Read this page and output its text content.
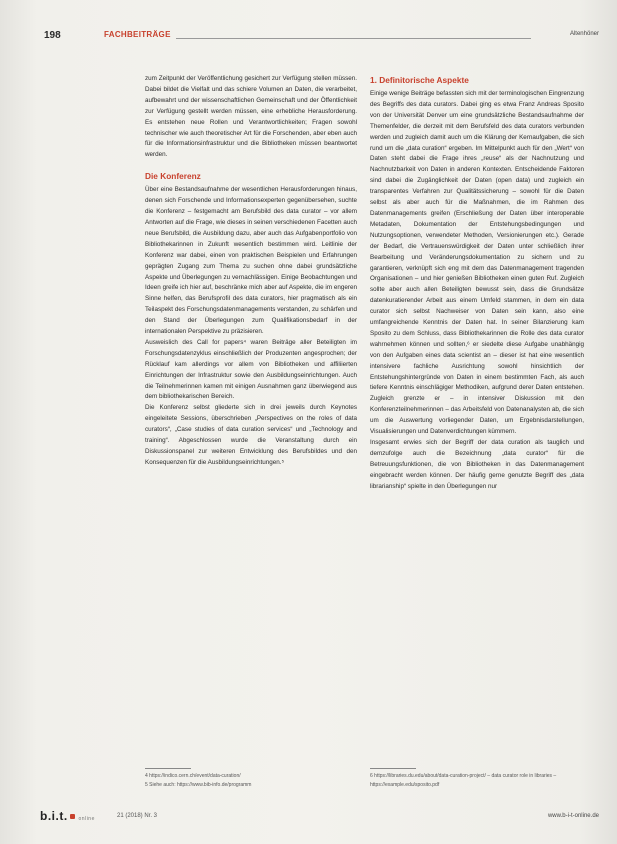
198	FACHBEITRÄGE	Altenhöner

zum Zeitpunkt der Veröffentlichung gesichert zur Verfügung stellen müssen. Dabei bildet die Vielfalt und das schiere Volumen an Daten, die verarbeitet, aufbewahrt und der wissenschaftlichen Gemeinschaft und der Öffentlichkeit zur Verfügung gestellt werden müssen, eine erhebliche Herausforderung. Es entstehen neue Rollen und Verantwortlichkeiten; Fragen sowohl technischer wie auch theoretischer Art für die Forschenden, aber eben auch für die Informationsinfrastruktur und die Bibliotheken müssen beantwortet werden.

Die Konferenz

Über eine Bestandsaufnahme der wesentlichen Herausforderungen hinaus, denen sich Forschende und Informationsexperten gegenübersehen, suchte die Konferenz – festgemacht am Berufsbild des data curator – vor allem Antworten auf die Frage, wie dieses in seinen verschiedenen Facetten auch neue Berufsbild, die Ausbildung dazu, aber auch das Aufgabenportfolio von Bibliothekarinnen in Zukunft wesentlich bestimmen wird. Leitlinie der Konferenz war dabei, einen von praktischen Beispielen und Erfahrungen geprägten Zugang zum Thema zu suchen ohne dabei grundsätzliche Aspekte und Überlegungen zu vernachlässigen. Einige Beobachtungen und Ideen greife ich hier auf, beschränke mich aber auf Aspekte, die im engeren Sinne helfen, das Berufsprofil des data curators, hier pragmatisch als ein Teilaspekt des Forschungsdatenmanagements verstanden, zu schärfen und den Stand der Überlegungen zum Qualifikationsbedarf in der internationalen Perspektive zu präzisieren.

Ausweislich des Call for papers⁴ waren Beiträge aller Beteiligten im Forschungsdatenzyklus einschließlich der Produzenten angesprochen; der Rücklauf kam allerdings vor allem von Bibliotheken und affiliierten Einrichtungen der Infrastruktur sowie den Ausbildungseinrichtungen. Auch die Teilnehmerinnen kamen mit einigen Ausnahmen ganz überwiegend aus dem bibliothekarischen Bereich.

Die Konferenz selbst gliederte sich in drei jeweils durch Keynotes eingeleitete Sessions, überschrieben „Perspectives on the roles of data curators“, „Case studies of data curation services“ und „Technology and training“. Abgeschlossen wurde die Veranstaltung durch ein Diskussionspanel zur weiteren Entwicklung des Berufsbildes und den Konsequenzen für die Ausbildungseinrichtungen.⁵

1. Definitorische Aspekte

Einige wenige Beiträge befassten sich mit der terminologischen Eingrenzung des Begriffs des data curators. Dabei ging es etwa Franz Andreas Sposito von der Universität Denver um eine grundsätzliche Bestandsaufnahme der Themenfelder, die derzeit mit dem Berufsfeld des data curators verbunden werden und zugleich damit auch um die Klärung der Kernaufgaben, die sich rund um die „data curation“ ergeben. Im Mittelpunkt auch für den „Wert“ von Daten steht dabei die Frage ihres „reuse“ als der Nachnutzung und Nachnutzbarkeit von Daten in anderen Kontexten. Entscheidende Faktoren sind dabei die Zugänglichkeit der Daten (open data) und zugleich ein transparentes Verfahren zur Qualitätssicherung – sowohl für die Daten selbst als aber auch für die Maßnahmen, die im Rahmen des Datenmanagements greifen (Erschließung der Daten über interoperable Metadaten, Dokumentation der Entstehungsbedingungen und Nutzungsoptionen, verwendeter Methoden, Versionierungen etc.). Gerade der Bedarf, die Vertrauenswürdigkeit der Daten unter schließlich ihrer Bearbeitung und Veränderungsdokumentation zu sichern und zu garantieren, verknüpft sich eng mit dem das Datenmanagement tragenden Organisationen – und hier genießen Bibliotheken einen guten Ruf. Zugleich sollte aber auch allen Beteiligten bewusst sein, dass die Grundsätze datenkuratierender Arbeit aus einem Umfeld stammen, in dem ein data curator sich selbst Nachweiser von Daten sein kann, also eine umfangreichende Kenntnis der Daten hat. In seiner Bilanzierung kam Sposito zu dem Schluss, dass Bibliothekarinnen die Rolle des data curator wahrnehmen können und sollten,⁶ er siedelte diese Aufgabe unabhängig von den Aufgaben eines data scientist an – dieser ist hat eine wesentlich intensivere fachliche Ausrichtung sowohl hinsichtlich der Entstehungshintergründe von Daten in einem bestimmten Fach, als auch tiefere Kenntnis einschlägiger Methodiken, aufgrund derer Daten entstehen. Zugleich grenzte er – in intensiver Diskussion mit den Konferenzteilnehmerinnen – das Arbeitsfeld von Datenanalysten ab, die sich um die Auswertung vorliegender Daten, um Ergebnisdarstellungen, Visualisierungen und Datenverdichtungen kümmern.

Insgesamt erwies sich der Begriff der data curation als tauglich und demzufolge auch die Bezeichnung „data curator“ für die Betreuungsfunktionen, die von Bibliotheken in das Datenmanagement eingebracht werden können. Der häufig gerne genutzte Begriff des „data librarianship“ spielte in den Überlegungen nur

4 https://indico.cern.ch/event/data-curation/
5 Siehe auch: https://www.bib-info.de/programm
6 https://libraries.du.edu/about/data-curation-project/ – data curator role in libraries – https://example.edu/sposito.pdf
b.i.t. online	21 (2018) Nr. 3	www.b-i-t-online.de
